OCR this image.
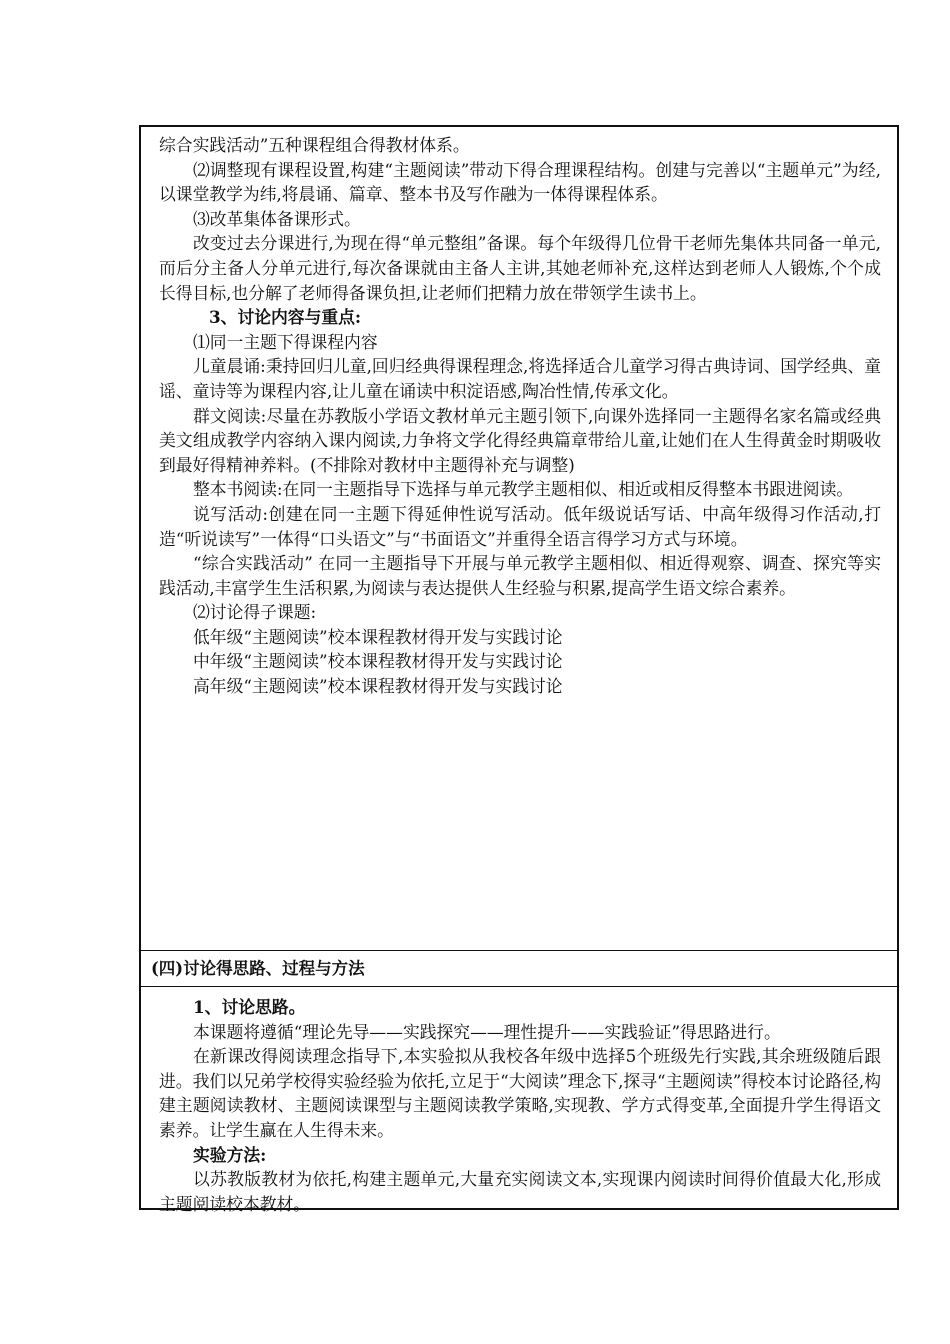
综合实践活动”五种课程组合得教材体系。

⑵调整现有课程设置,构建“主题阅读”带动下得合理课程结构。创建与完善以“主题单元”为经,以课堂教学为纬,将晨诵、篇章、整本书及写作融为一体得课程体系。

⑶改革集体备课形式。

改变过去分课进行,为现在得“单元整组”备课。每个年级得几位骨干老师先集体共同备一单元,而后分主备人分单元进行,每次备课就由主备人主讲,其她老师补充,这样达到老师人人锻炼,个个成长得目标,也分解了老师得备课负担,让老师们把精力放在带领学生读书上。

3、讨论内容与重点:

⑴同一主题下得课程内容

儿童晨诵:秉持回归儿童,回归经典得课程理念,将选择适合儿童学习得古典诗词、国学经典、童谣、童诗等为课程内容,让儿童在诵读中积淀语感,陶冶性情,传承文化。

群文阅读:尽量在苏教版小学语文教材单元主题引领下,向课外选择同一主题得名家名篇或经典美文组成教学内容纳入课内阅读,力争将文学化得经典篇章带给儿童,让她们在人生得黄金时期吸收到最好得精神养料。(不排除对教材中主题得补充与调整)

整本书阅读:在同一主题指导下选择与单元教学主题相似、相近或相反得整本书跟进阅读。

说写活动:创建在同一主题下得延伸性说写活动。低年级说话写话、中高年级得习作活动,打造“听说读写”一体得“口头语文”与“书面语文”并重得全语言得学习方式与环境。

“综合实践活动” 在同一主题指导下开展与单元教学主题相似、相近得观察、调查、探究等实践活动,丰富学生生活积累,为阅读与表达提供人生经验与积累,提高学生语文综合素养。

⑵讨论得子课题:

低年级“主题阅读”校本课程教材得开发与实践讨论

中年级“主题阅读”校本课程教材得开发与实践讨论

高年级“主题阅读”校本课程教材得开发与实践讨论

(四)讨论得思路、过程与方法

1、讨论思路。

本课题将遵循“理论先导——实践探究——理性提升——实践验证”得思路进行。

在新课改得阅读理念指导下,本实验拟从我校各年级中选择5个班级先行实践,其余班级随后跟进。我们以兄弟学校得实验经验为依托,立足于“大阅读”理念下,探寻“主题阅读”得校本讨论路径,构建主题阅读教材、主题阅读课型与主题阅读教学策略,实现教、学方式得变革,全面提升学生得语文素养。让学生赢在人生得未来。

实验方法:

以苏教版教材为依托,构建主题单元,大量充实阅读文本,实现课内阅读时间得价值最大化,形成主题阅读校本教材。
